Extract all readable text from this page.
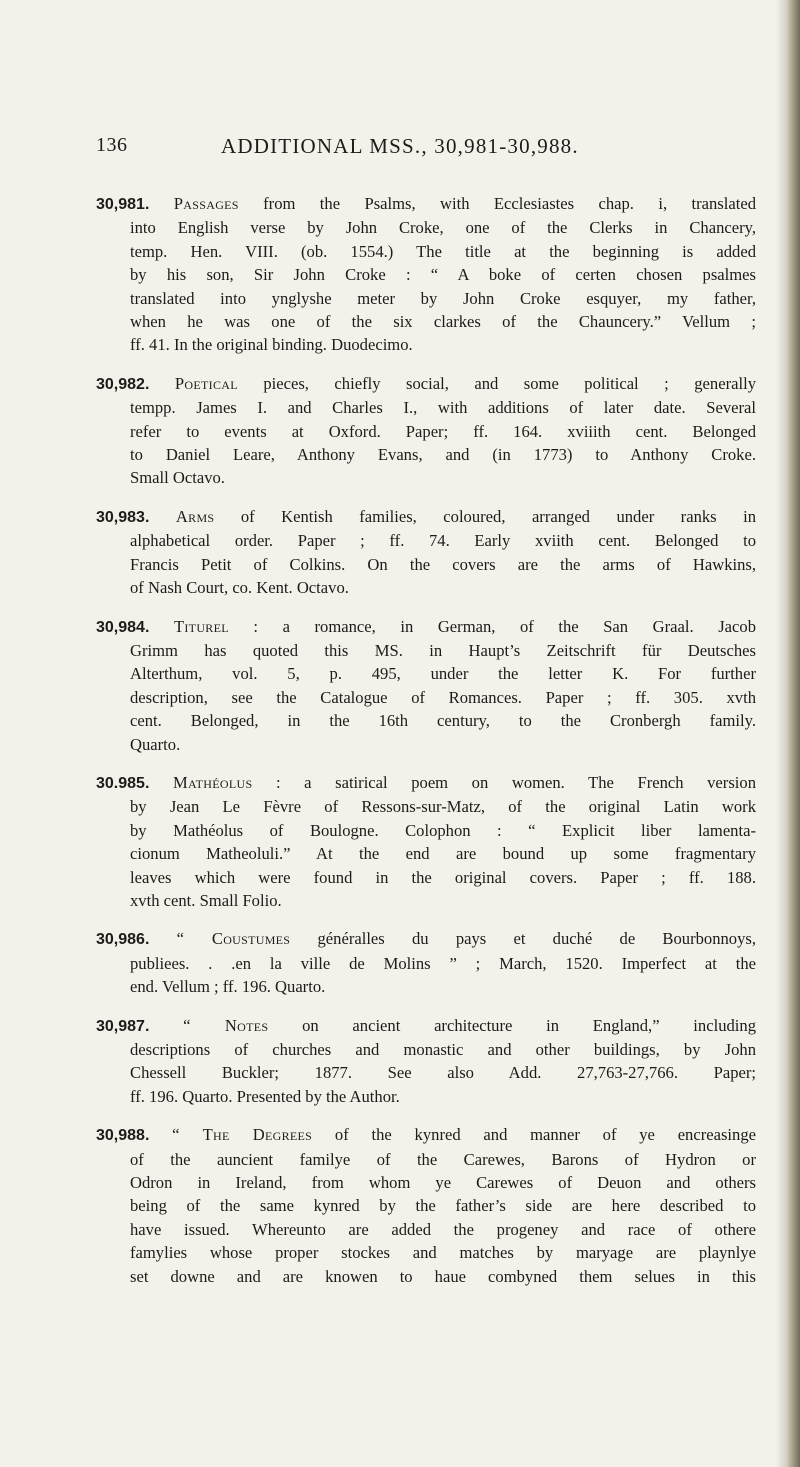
136	ADDITIONAL MSS., 30,981-30,988.
30,981. Passages from the Psalms, with Ecclesiastes chap. i, translated
into English verse by John Croke, one of the Clerks in Chancery,
temp. Hen. VIII. (ob. 1554.) The title at the beginning is added
by his son, Sir John Croke : “ A boke of certen chosen psalmes
translated into ynglyshe meter by John Croke esquyer, my father,
when he was one of the six clarkes of the Chauncery.” Vellum ;
ff. 41. In the original binding. Duodecimo.
30,982. Poetical pieces, chiefly social, and some political ; generally
tempp. James I. and Charles I., with additions of later date. Several
refer to events at Oxford. Paper; ff. 164. xviiith cent. Belonged
to Daniel Leare, Anthony Evans, and (in 1773) to Anthony Croke.
Small Octavo.
30,983. Arms of Kentish families, coloured, arranged under ranks in
alphabetical order. Paper ; ff. 74. Early xviith cent. Belonged to
Francis Petit of Colkins. On the covers are the arms of Hawkins,
of Nash Court, co. Kent. Octavo.
30,984. Titurel : a romance, in German, of the San Graal. Jacob
Grimm has quoted this MS. in Haupt’s Zeitschrift für Deutsches
Alterthum, vol. 5, p. 495, under the letter K. For further
description, see the Catalogue of Romances. Paper ; ff. 305. xvth
cent. Belonged, in the 16th century, to the Cronbergh family.
Quarto.
30.985. Mathéolus : a satirical poem on women. The French version
by Jean Le Fèvre of Ressons-sur-Matz, of the original Latin work
by Mathéolus of Boulogne. Colophon : “ Explicit liber lamenta-
cionum Matheoluli.” At the end are bound up some fragmentary
leaves which were found in the original covers. Paper ; ff. 188.
xvth cent. Small Folio.
30,986. “ Coustumes généralles du pays et duché de Bourbonnoys,
publiees. . .en la ville de Molins ” ; March, 1520. Imperfect at the
end. Vellum ; ff. 196. Quarto.
30,987. “ Notes on ancient architecture in England,” including
descriptions of churches and monastic and other buildings, by John
Chessell Buckler; 1877. See also Add. 27,763-27,766. Paper;
ff. 196. Quarto. Presented by the Author.
30,988. “ The Degrees of the kynred and manner of ye encreasinge
of the auncient familye of the Carewes, Barons of Hydron or
Odron in Ireland, from whom ye Carewes of Deuon and others
being of the same kynred by the father’s side are here described to
have issued. Whereunto are added the progeney and race of othere
famylies whose proper stockes and matches by maryage are playnlye
set downe and are knowen to haue combyned them selues in this
